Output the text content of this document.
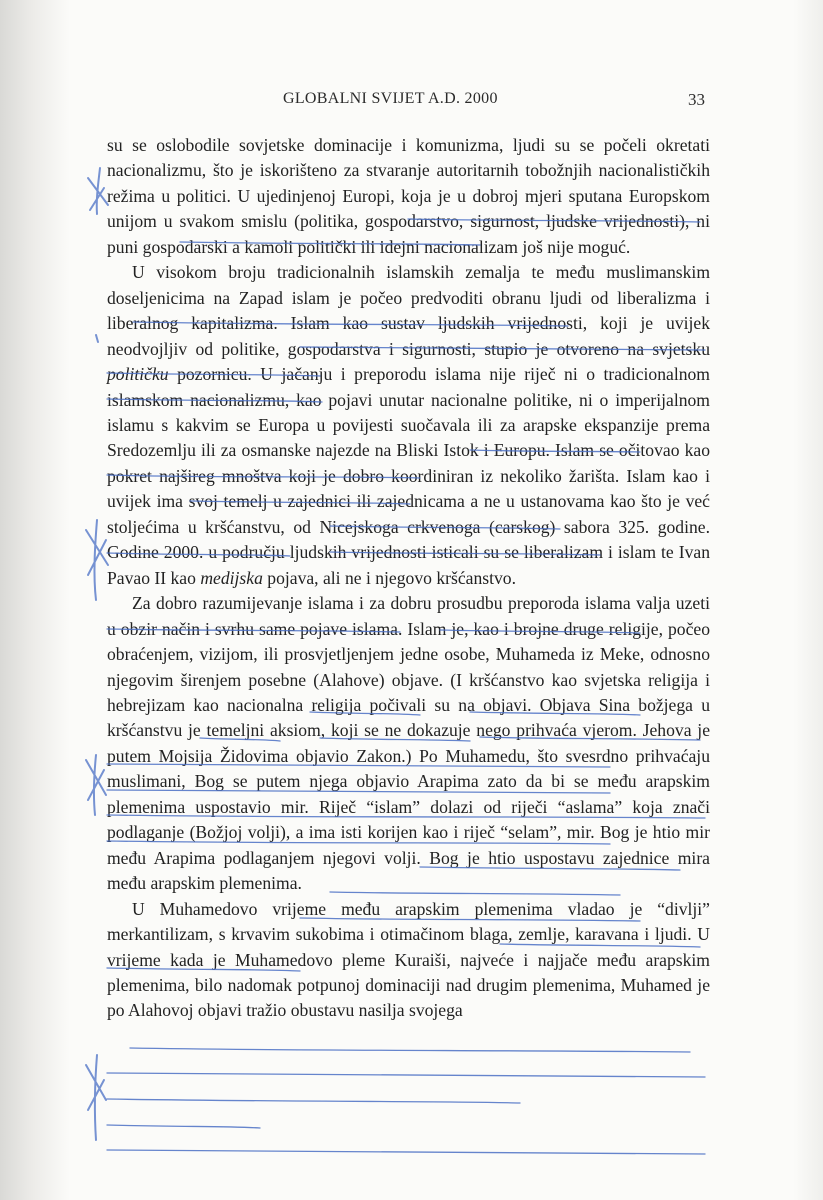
GLOBALNI SVIJET A.D. 2000	33

su se oslobodile sovjetske dominacije i komunizma, ljudi su se počeli okretati nacionalizmu, što je iskorišteno za stvaranje autoritarnih tobožnjih nacionalističkih režima u politici. U ujedinjenoj Europi, koja je u dobroj mjeri sputana Europskom unijom u svakom smislu (politika, gospodarstvo, sigurnost, ljudske vrijednosti), ni puni gospodarski a kamoli politički ili idejni nacionalizam još nije moguć.

U visokom broju tradicionalnih islamskih zemalja te među muslimanskim doseljenicima na Zapad islam je počeo predvoditi obranu ljudi od liberalizma i liberalnog kapitalizma. Islam kao sustav ljudskih vrijednosti, koji je uvijek neodvojljiv od politike, gospodarstva i sigurnosti, stupio je otvoreno na svjetsku političku pozornicu. U jačanju i preporodu islama nije riječ ni o tradicionalnom islamskom nacionalizmu, kao pojavi unutar nacionalne politike, ni o imperijalnom islamu s kakvim se Europa u povijesti suočavala ili za arapske ekspanzije prema Sredozemlju ili za osmanske najezde na Bliski Istok i Europu. Islam se očitovao kao pokret najšireg mnoštva koji je dobro koordiniran iz nekoliko žarišta. Islam kao i uvijek ima svoj temelj u zajednici ili zajednicama a ne u ustanovama kao što je već stoljećima u kršćanstvu, od Nicejskoga crkvenoga (carskog) sabora 325. godine. Godine 2000. u području ljudskih vrijednosti isticali su se liberalizam i islam te Ivan Pavao II kao medijska pojava, ali ne i njegovo kršćanstvo.

Za dobro razumijevanje islama i za dobru prosudbu preporoda islama valja uzeti u obzir način i svrhu same pojave islama. Islam je, kao i brojne druge religije, počeo obraćenjem, vizijom, ili prosvjetljenjem jedne osobe, Muhameda iz Meke, odnosno njegovim širenjem posebne (Alahove) objave. (I kršćanstvo kao svjetska religija i hebrejizam kao nacionalna religija počivali su na objavi. Objava Sina božjega u kršćanstvu je temeljni aksiom, koji se ne dokazuje nego prihvaća vjerom. Jehova je putem Mojsija Židovima objavio Zakon.) Po Muhamedu, što svesrdno prihvaćaju muslimani, Bog se putem njega objavio Arapima zato da bi se među arapskim plemenima uspostavio mir. Riječ “islam” dolazi od riječi “aslama” koja znači podlaganje (Božjoj volji), a ima isti korijen kao i riječ “selam”, mir. Bog je htio mir među Arapima podlaganjem njegovi volji. Bog je htio uspostavu zajednice mira među arapskim plemenima.

U Muhamedovo vrijeme među arapskim plemenima vladao je “divlji” merkantilizam, s krvavim sukobima i otimačinom blaga, zemlje, karavana i ljudi. U vrijeme kada je Muhamedovo pleme Kuraiši, najveće i najjače među arapskim plemenima, bilo nadomak potpunoj dominaciji nad drugim plemenima, Muhamed je po Alahovoj objavi tražio obustavu nasilja svojega
